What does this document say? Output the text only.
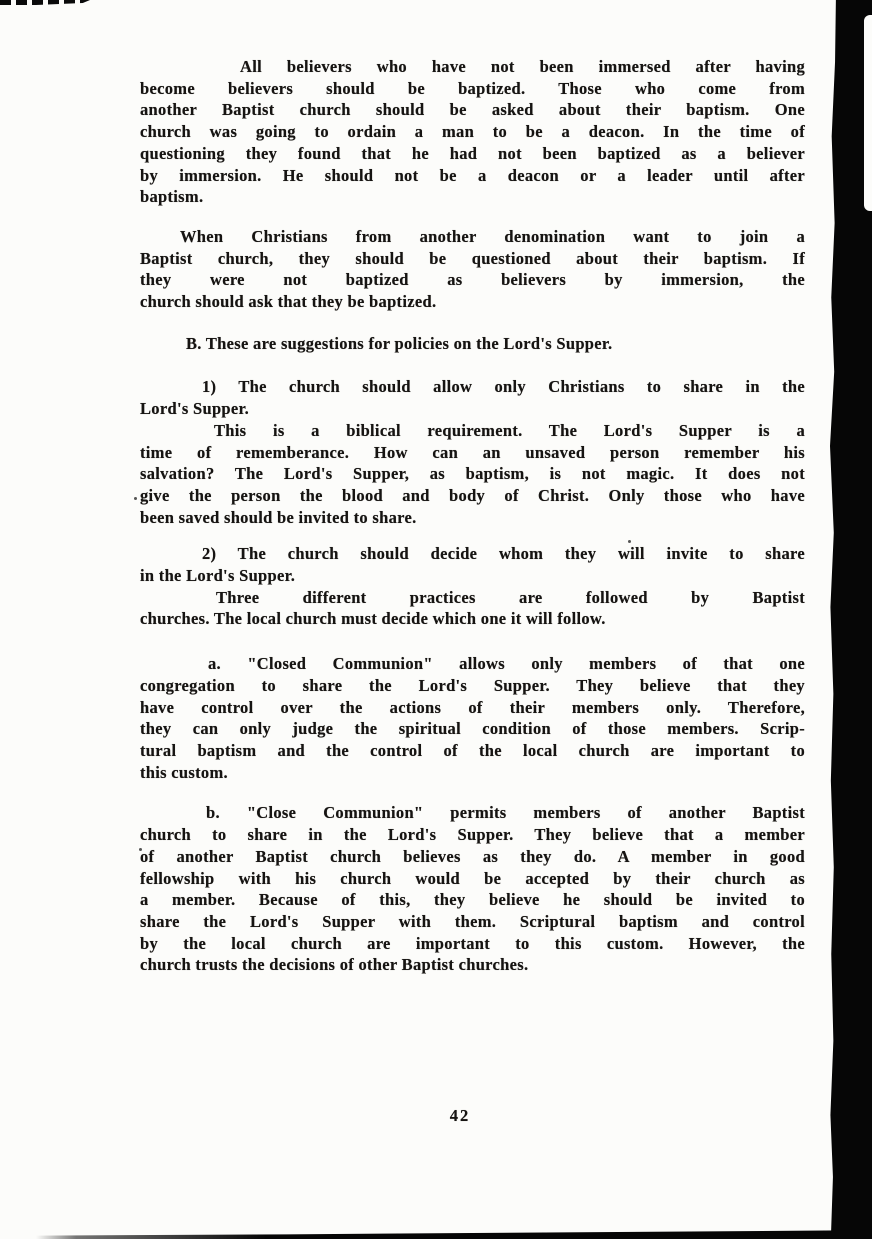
All believers who have not been immersed after having
become believers should be baptized. Those who come from
another Baptist church should be asked about their baptism. One
church was going to ordain a man to be a deacon. In the time of
questioning they found that he had not been baptized as a believer
by immersion. He should not be a deacon or a leader until after
baptism.
When Christians from another denomination want to join a
Baptist church, they should be questioned about their baptism. If
they were not baptized as believers by immersion, the
church should ask that they be baptized.
B. These are suggestions for policies on the Lord's Supper.
1) The church should allow only Christians to share in the
Lord's Supper.
This is a biblical requirement. The Lord's Supper is a
time of rememberance. How can an unsaved person remember his
salvation? The Lord's Supper, as baptism, is not magic. It does not
give the person the blood and body of Christ. Only those who have
been saved should be invited to share.
2) The church should decide whom they will invite to share
in the Lord's Supper.
Three different practices are followed by Baptist
churches. The local church must decide which one it will follow.
a. "Closed Communion" allows only members of that one
congregation to share the Lord's Supper. They believe that they
have control over the actions of their members only. Therefore,
they can only judge the spiritual condition of those members. Scrip-
tural baptism and the control of the local church are important to
this custom.
b. "Close Communion" permits members of another Baptist
church to share in the Lord's Supper. They believe that a member
of another Baptist church believes as they do. A member in good
fellowship with his church would be accepted by their church as
a member. Because of this, they believe he should be invited to
share the Lord's Supper with them. Scriptural baptism and control
by the local church are important to this custom. However, the
church trusts the decisions of other Baptist churches.
42
